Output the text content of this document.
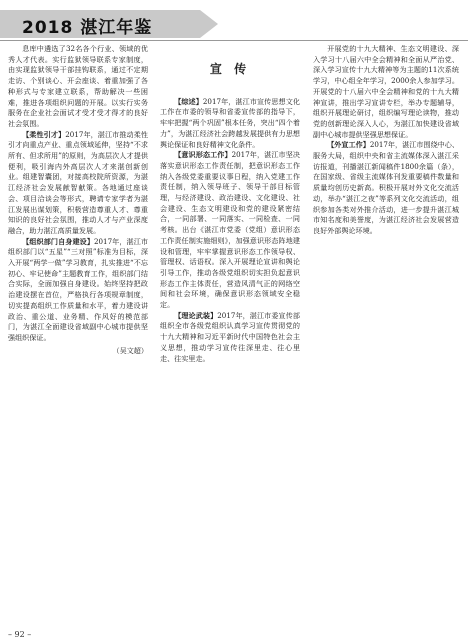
2018 湛江年鉴

息库中遴选了32名各个行业、领域的优秀人才代表。实行监狱领导联系专家制度，由实现监狱领导干部挂钩联系，通过不定期走访、个别谈心、开会座谈、着重加强了各种形式与专家建立联系，帮助解决一些困难，推进各项组织问题的开展。以实行实务服务在企业社会面试才受才受才得才的良好社会氛围。

【柔性引才】2017年，湛江市推动柔性引才向重点产业、重点领域延伸，坚持“不求所有、但求所用”的原则，为高层次人才提供便利，吸引海内外高层次人才来湛创新创业。组建智囊团，对接高校院所资源，为湛江经济社会发展献智献策。各地通过座谈会、项目洽谈会等形式，聘请专家学者为湛江发展出谋划策，积极营造尊重人才、尊重知识的良好社会氛围，推动人才与产业深度融合，助力湛江高质量发展。

【组织部门自身建设】2017年，湛江市组织部门以“五星”“三对照”标准为目标，深入开展“两学一做”学习教育，扎实推进“不忘初心、牢记使命”主题教育工作，组织部门结合实际，全面加强自身建设。始终坚持把政治建设摆在首位，严格执行各项规章制度，切实提高组织工作质量和水平，着力建设讲政治、重公道、业务精、作风好的模范部门，为湛江全面建设省域副中心城市提供坚强组织保证。

（吴文超）
宣 传

【综述】2017年，湛江市宣传思想文化工作在市委的领导和省委宣传部的指导下，牢牢把握“两个巩固”根本任务，突出“四个着力”，为湛江经济社会跨越发展提供有力思想舆论保证和良好精神文化条件。

【意识形态工作】2017年，湛江市坚决落实意识形态工作责任制，把意识形态工作纳入各级党委重要议事日程，纳入党建工作责任制，纳入领导班子、领导干部目标管理，与经济建设、政治建设、文化建设、社会建设、生态文明建设和党的建设紧密结合，一同部署、一同落实、一同检查、一同考核。出台《湛江市党委（党组）意识形态工作责任制实施细则》，加强意识形态阵地建设和管理，牢牢掌握意识形态工作领导权、管理权、话语权。深入开展理论宣讲和舆论引导工作，推动各级党组织切实担负起意识形态工作主体责任，营造风清气正的网络空间和社会环境，确保意识形态领域安全稳定。

【理论武装】2017年，湛江市委宣传部组织全市各级党组织认真学习宣传贯彻党的十九大精神和习近平新时代中国特色社会主义思想，推动学习宣传往深里走、往心里走、往实里走。

开展党的十九大精神、生态文明建设、深入学习十八届六中全会精神和全面从严治党、深入学习宣传十九大精神等为主题的11次系统学习，中心组全年学习，2000余人参加学习。开展党的十八届六中全会精神和党的十九大精神宣讲，推出学习宣讲专栏，举办专题辅导，组织开展理论研讨，组织编写理论读物，推动党的创新理论深入人心，为湛江加快建设省域副中心城市提供坚强思想保证。

【外宣工作】2017年，湛江市围绕中心、服务大局，组织中央和省主流媒体深入湛江采访报道，刊播湛江新闻稿件1800余篇（条），在国家级、省级主流媒体刊发重要稿件数量和质量均创历史新高。积极开展对外文化交流活动，举办“湛江之夜”等系列文化交流活动，组织参加各类对外推介活动，进一步提升湛江城市知名度和美誉度，为湛江经济社会发展营造良好外部舆论环境。

– 92 –
